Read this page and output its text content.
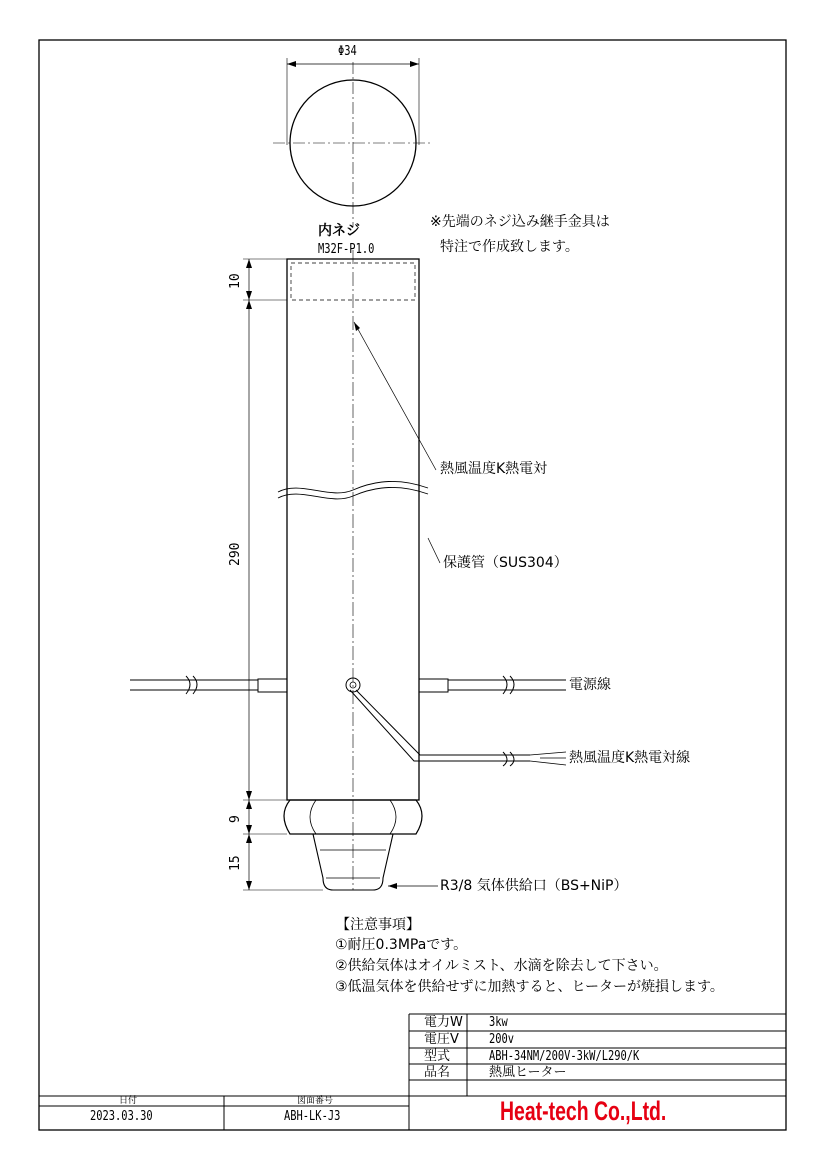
Φ34
内ネジ
M32F-P1.0
※先端のネジ込み継手金具は
特注で作成致します。
10
290
9
15
熱風温度K熱電対
保護管（SUS304）
電源線
熱風温度K熱電対線
R3/8 気体供給口（BS+NiP）
【注意事項】
①耐圧0.3MPaです。
②供給気体はオイルミスト、水滴を除去して下さい。
③低温気体を供給せずに加熱すると、ヒーターが焼損します。
電力W 3kw
電圧V 200v
型式	ABH-34NM/200V-3kW/L290/K
品名	熱風ヒーター
日付
2023.03.30
図面番号
ABH-LK-J3	Heat-tech Co.,Ltd.
